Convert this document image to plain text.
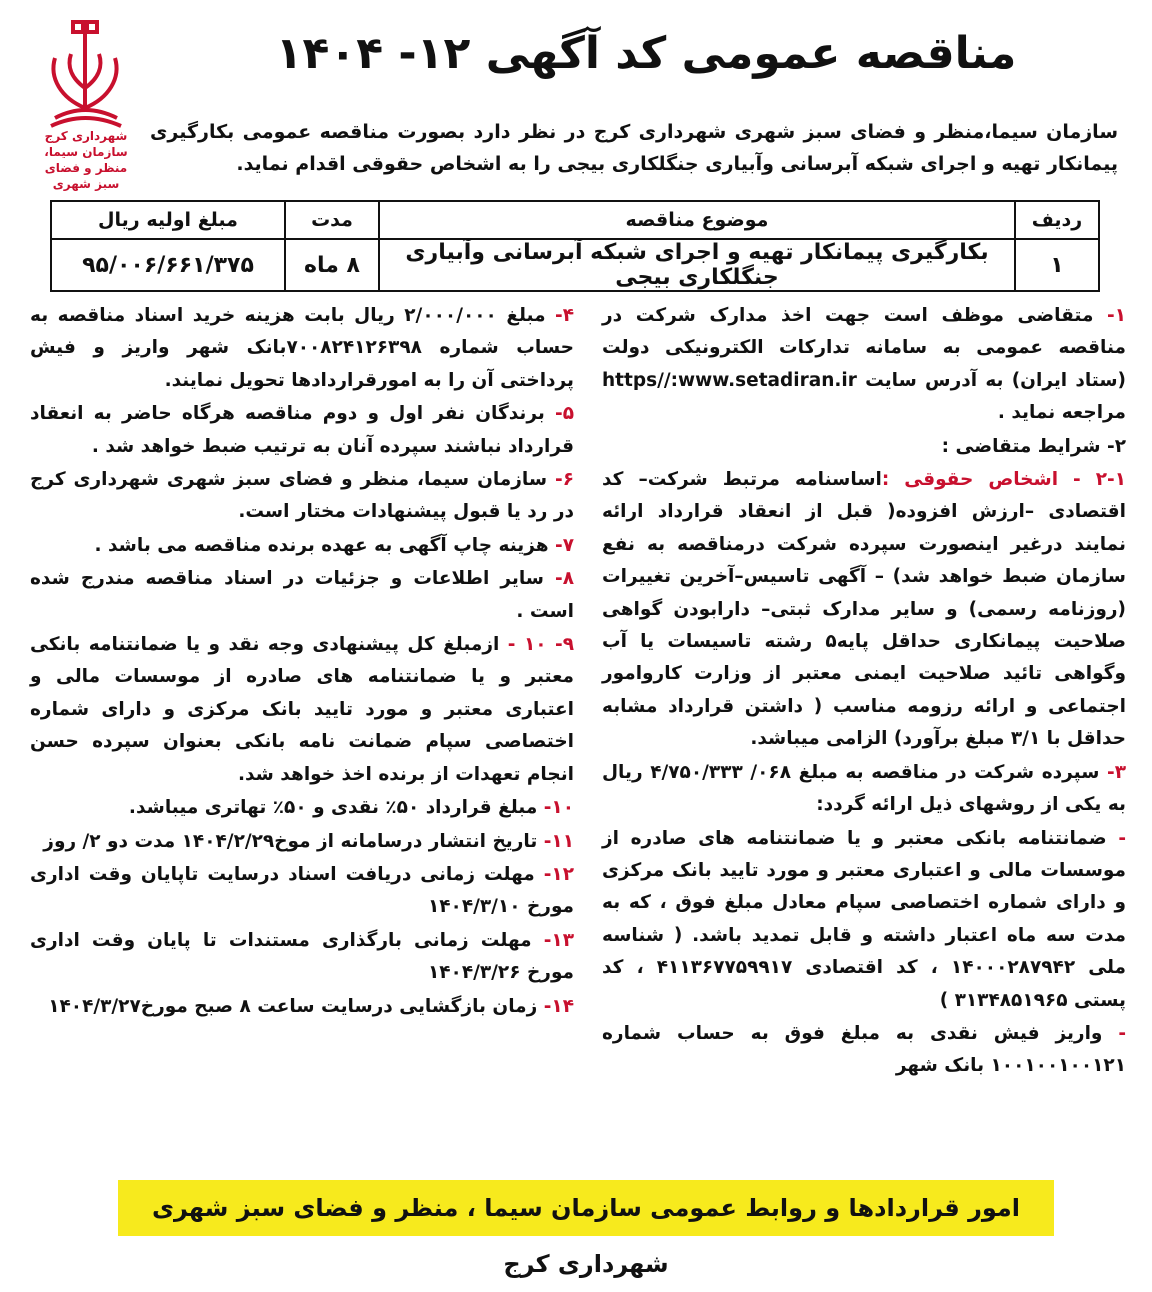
شهرداری کرج
سازمان سیما، منظر و فضای
سبز شهری
مناقصه عمومی کد آگهی ۱۲- ۱۴۰۴
سازمان سیما،منظر و فضای سبز شهری شهرداری کرج در نظر دارد بصورت مناقصه عمومی بکارگیری پیمانکار تهیه و اجرای شبکه آبرسانی وآبیاری جنگلکاری بیجی را به اشخاص حقوقی اقدام نماید.
ردیف	موضوع مناقصه	مدت	مبلغ اولیه ریال
۱	بکارگیری پیمانکار تهیه و اجرای شبکه آبرسانی وآبیاری جنگلکاری بیجی	۸ ماه	۹۵/۰۰۶/۶۶۱/۳۷۵

۱- متقاضی موظف است جهت اخذ مدارک شرکت در مناقصه عمومی به سامانه تدارکات الکترونیکی دولت (ستاد ایران) به آدرس سایت https//:www.setadiran.ir مراجعه نماید .

۲- شرایط متقاضی :

۲-۱ - اشخاص حقوقی :اساسنامه مرتبط شرکت– کد اقتصادی –ارزش افزوده( قبل از انعقاد قرارداد ارائه نمایند درغیر اینصورت سپرده شرکت درمناقصه به نفع سازمان ضبط خواهد شد) – آگهی تاسیس–آخرین تغییرات (روزنامه رسمی) و سایر مدارک ثبتی– دارابودن گواهی صلاحیت پیمانکاری حداقل پایه۵ رشته تاسیسات یا آب وگواهی تائید صلاحیت ایمنی معتبر از وزارت کاروامور اجتماعی و ارائه رزومه مناسب ( داشتن قرارداد مشابه حداقل با ۳/۱ مبلغ برآورد) الزامی میباشد.

۳- سپرده شرکت در مناقصه به مبلغ ۰۶۸/ ۴/۷۵۰/۳۳۳ ریال به یکی از روشهای ذیل ارائه گردد:

- ضمانتنامه بانکی معتبر و یا ضمانتنامه های صادره از موسسات مالی و اعتباری معتبر و مورد تایید بانک مرکزی و دارای شماره اختصاصی سپام معادل مبلغ فوق ، که به مدت سه ماه اعتبار داشته و قابل تمدید باشد. ( شناسه ملی ۱۴۰۰۰۲۸۷۹۴۲ ، کد اقتصادی ۴۱۱۳۶۷۷۵۹۹۱۷ ، کد پستی ۳۱۳۴۸۵۱۹۶۵ )

- واریز فیش نقدی به مبلغ فوق به حساب شماره ۱۰۰۱۰۰۱۰۰۱۲۱ بانک شهر

۴- مبلغ ۲/۰۰۰/۰۰۰ ریال بابت هزینه خرید اسناد مناقصه به حساب شماره ۷۰۰۸۲۴۱۲۶۳۹۸بانک شهر واریز و فیش پرداختی آن را به امورقراردادها تحویل نمایند.

۵- برندگان نفر اول و دوم مناقصه هرگاه حاضر به انعقاد قرارداد نباشند سپرده آنان به ترتیب ضبط خواهد شد .

۶- سازمان سیما، منظر و فضای سبز شهری شهرداری کرج در رد یا قبول پیشنهادات مختار است.

۷- هزینه چاپ آگهی به عهده برنده مناقصه می باشد .

۸- سایر اطلاعات و جزئیات در اسناد مناقصه مندرج شده است .

۹- ۱۰ - ازمبلغ کل پیشنهادی وجه نقد و یا ضمانتنامه بانکی معتبر و یا ضمانتنامه های صادره از موسسات مالی و اعتباری معتبر و مورد تایید بانک مرکزی و دارای شماره اختصاصی سپام ضمانت نامه بانکی بعنوان سپرده حسن انجام تعهدات از برنده اخذ خواهد شد.

۱۰- مبلغ قرارداد ۵۰٪ نقدی و ۵۰٪ تهاتری میباشد.

۱۱- تاریخ انتشار درسامانه از موخ۱۴۰۴/۲/۲۹ مدت دو ۲/ روز

۱۲- مهلت زمانی دریافت اسناد درسایت تاپایان وقت اداری مورخ ۱۴۰۴/۳/۱۰

۱۳- مهلت زمانی بارگذاری مستندات تا پایان وقت اداری مورخ ۱۴۰۴/۳/۲۶

۱۴- زمان بازگشایی درسایت ساعت ۸ صبح مورخ۱۴۰۴/۳/۲۷

امور قراردادها و روابط عمومی سازمان سیما ، منظر و فضای سبز شهری شهرداری کرج
